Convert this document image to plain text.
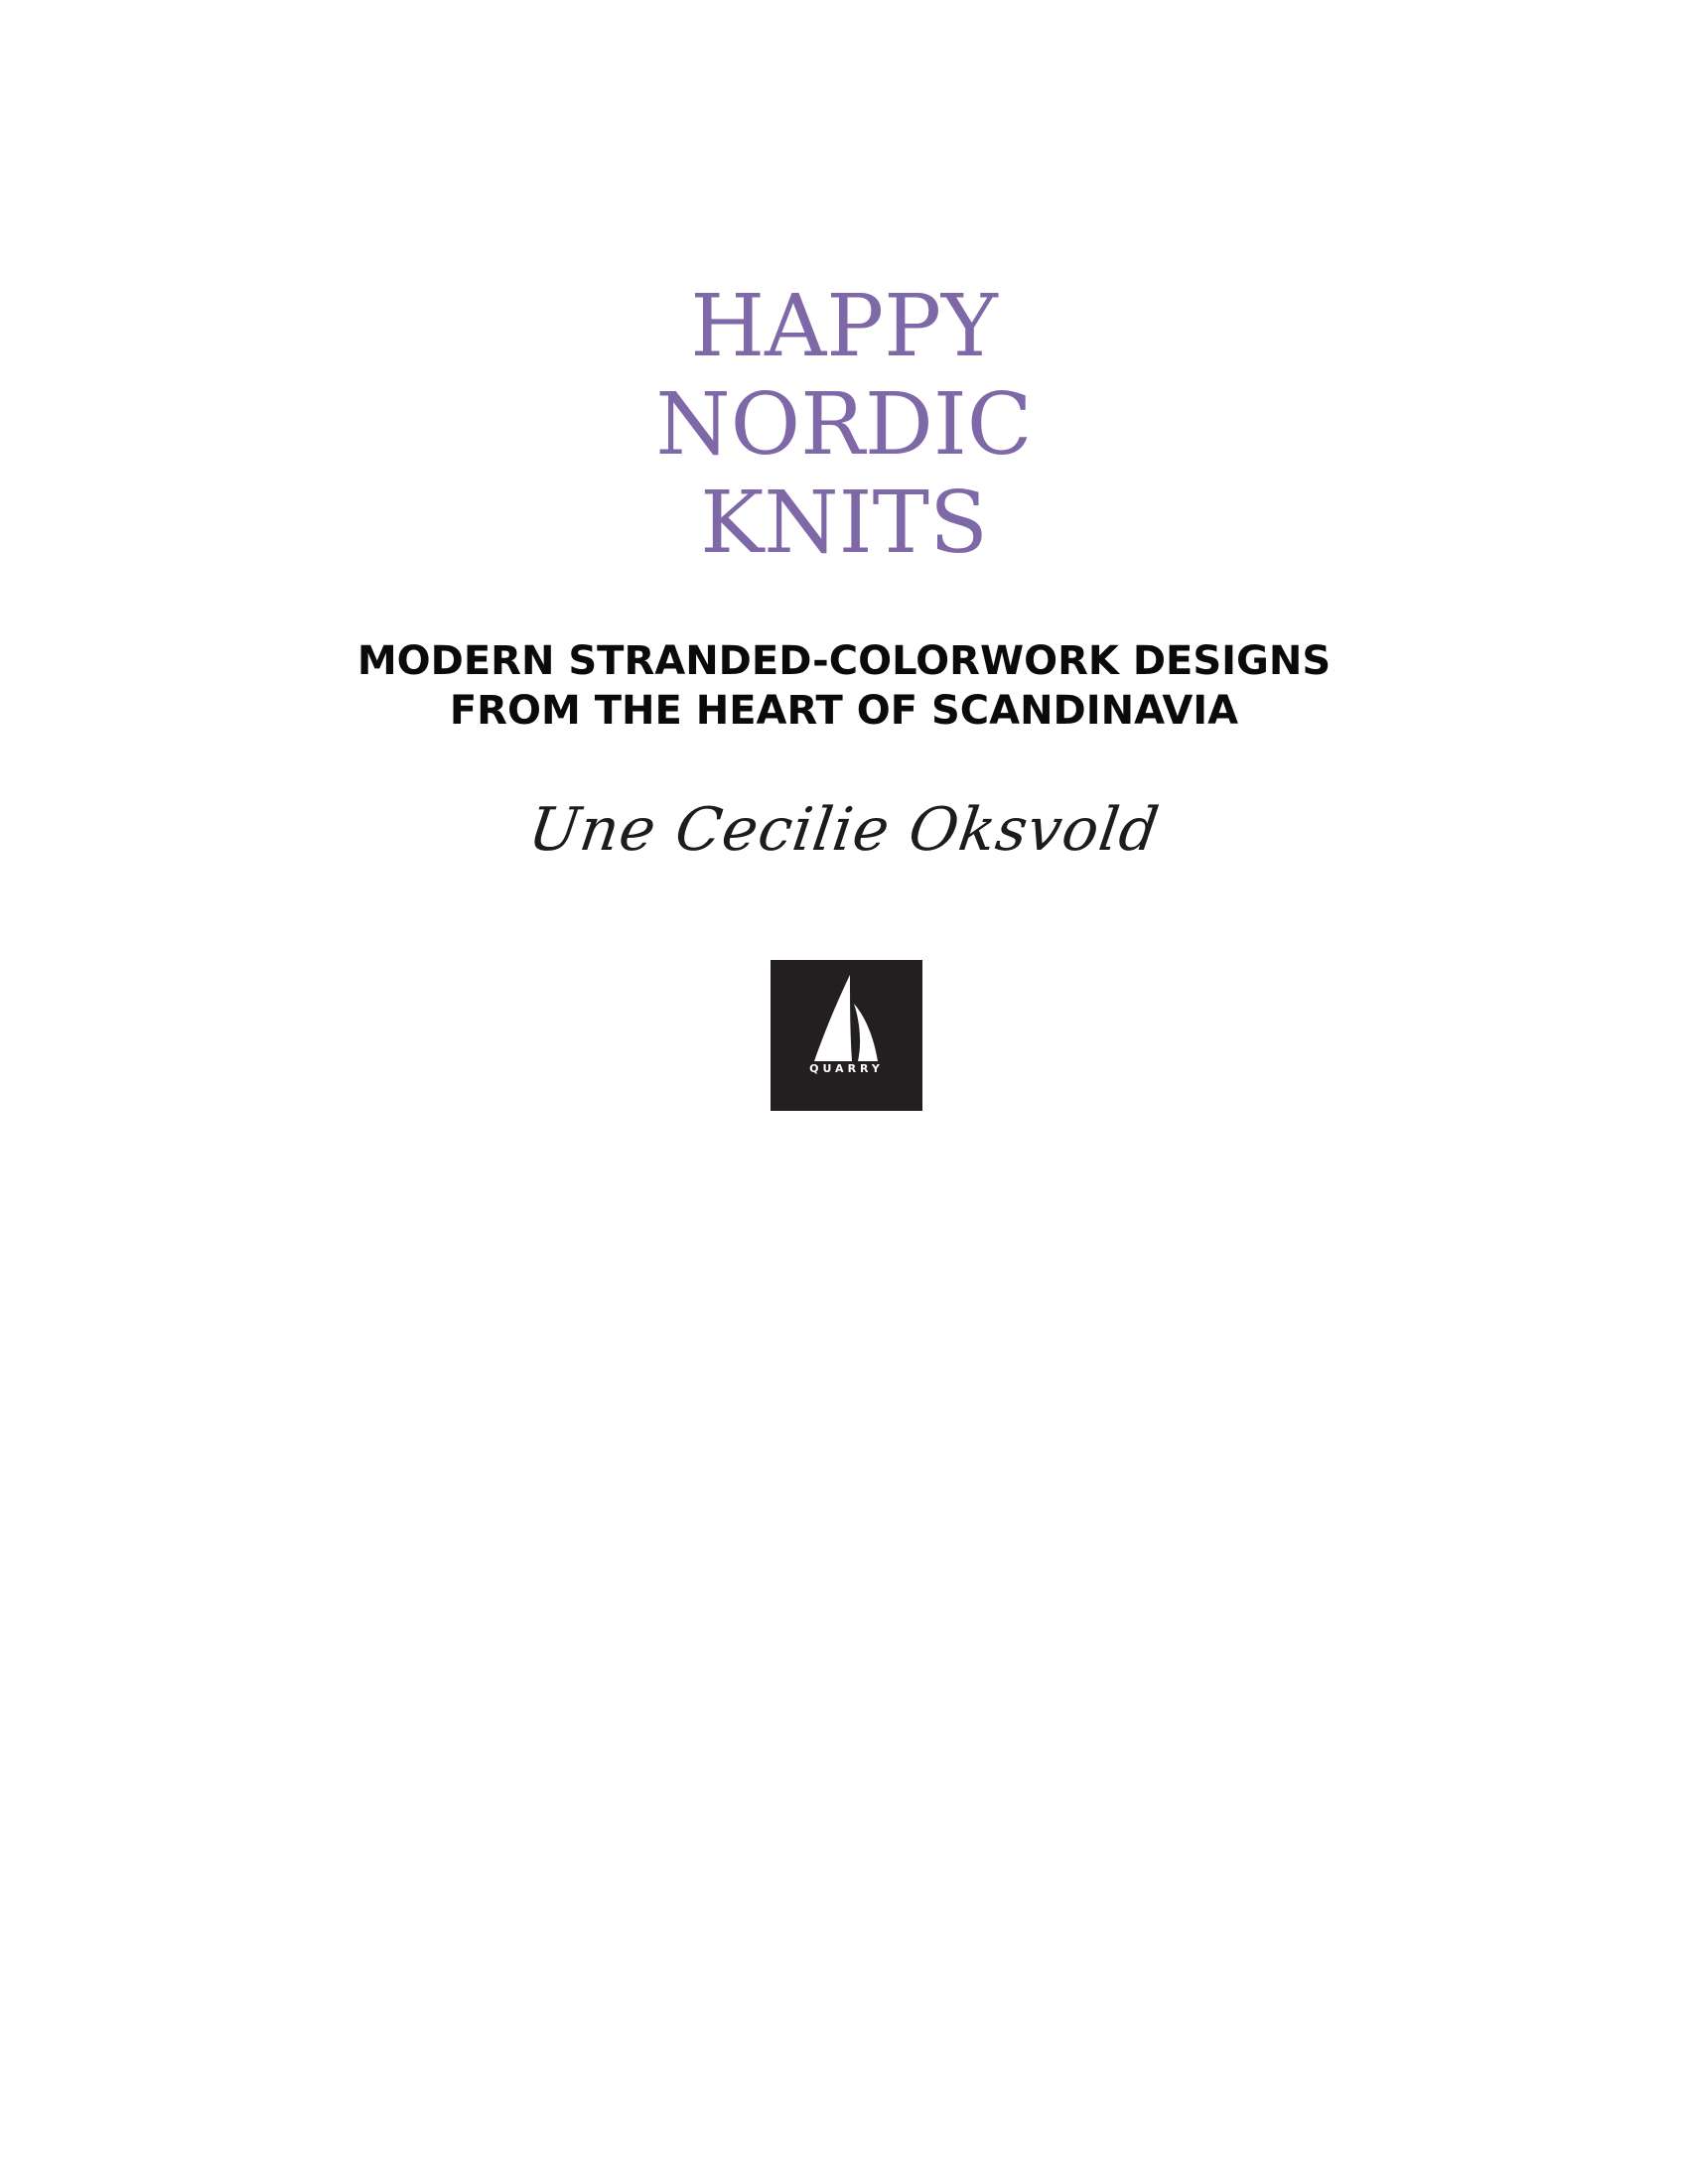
HAPPY
NORDIC
KNITS
MODERN STRANDED-COLORWORK DESIGNS
FROM THE HEART OF SCANDINAVIA
Une Cecilie Oksvold
QUARRY
